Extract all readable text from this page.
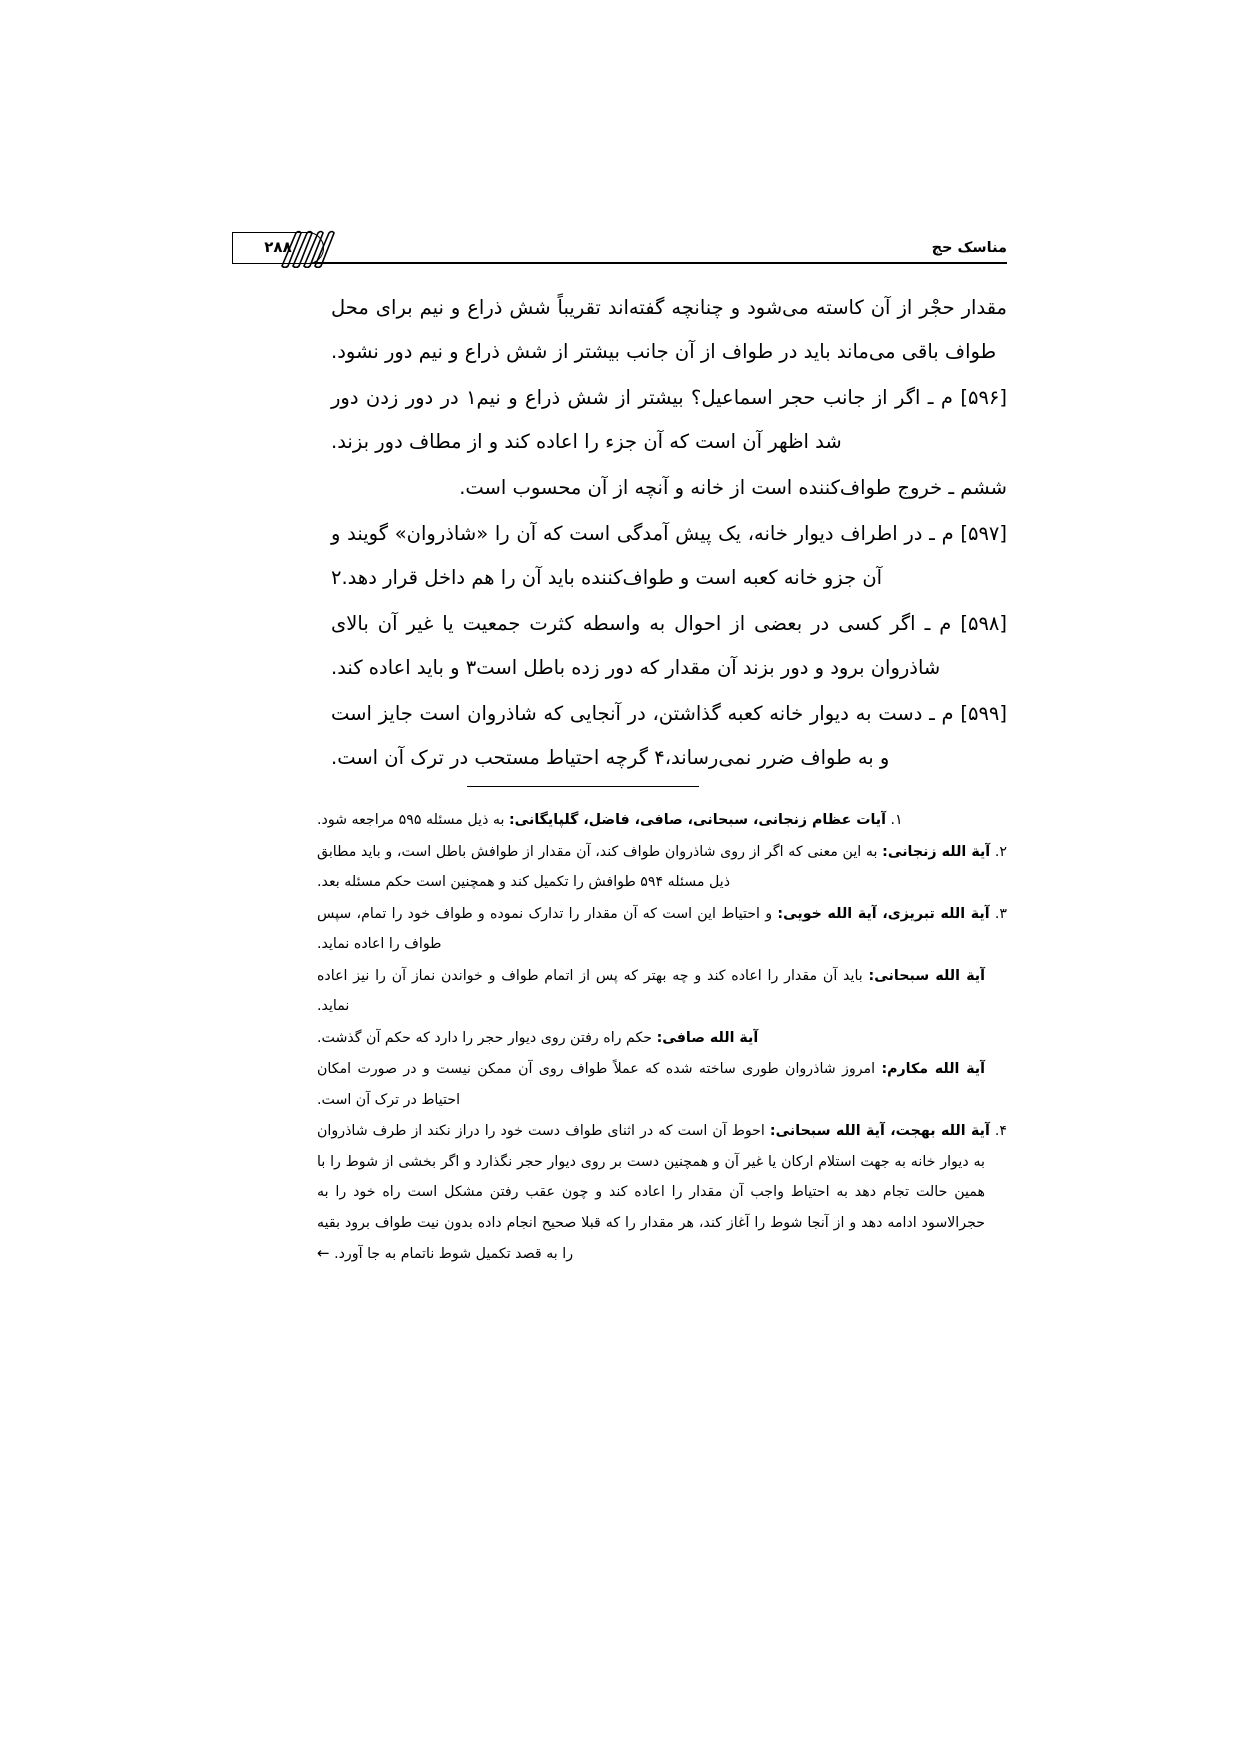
مناسک حج
۲۸۸

مقدار حجْر از آن کاسته می‌شود و چنانچه گفته‌اند تقریباً شش ذراع و نیم برای محل طواف باقی می‌ماند باید در طواف از آن جانب بیشتر از شش ذراع و نیم دور نشود.

[۵۹۶] م ـ اگر از جانب حجر اسماعیل؟ بیشتر از شش ذراع و نیم۱ در دور زدن دور شد اظهر آن است که آن جزء را اعاده کند و از مطاف دور بزند.

ششم ـ خروج طواف‌کننده است از خانه و آنچه از آن محسوب است.

[۵۹۷] م ـ در اطراف دیوار خانه، یک پیش آمدگی است که آن را «شاذروان» گویند و آن جزو خانه کعبه است و طواف‌کننده باید آن را هم داخل قرار دهد.۲

[۵۹۸] م ـ اگر کسی در بعضی از احوال به واسطه کثرت جمعیت یا غیر آن بالای شاذروان برود و دور بزند آن مقدار که دور زده باطل است۳ و باید اعاده کند.

[۵۹۹] م ـ دست به دیوار خانه کعبه گذاشتن، در آنجایی که شاذروان است جایز است و به طواف ضرر نمی‌رساند،۴ گرچه احتیاط مستحب در ترک آن است.

۱. آیات عظام زنجانی، سبحانی، صافی، فاضل، گلپایگانی: به ذیل مسئله ۵۹۵ مراجعه شود.
۲. آیة الله زنجانی: به این معنی که اگر از روی شاذروان طواف کند، آن مقدار از طوافش باطل است، و باید مطابق ذیل مسئله ۵۹۴ طوافش را تکمیل کند و همچنین است حکم مسئله بعد.
۳. آیة الله تبریزی، آیة الله خویی: و احتیاط این است که آن مقدار را تدارک نموده و طواف خود را تمام، سپس طواف را اعاده نماید.
آیة الله سبحانی: باید آن مقدار را اعاده کند و چه بهتر که پس از اتمام طواف و خواندن نماز آن را نیز اعاده نماید.
آیة الله صافی: حکم راه رفتن روی دیوار حجر را دارد که حکم آن گذشت.
آیة الله مکارم: امروز شاذروان طوری ساخته شده که عملاً طواف روی آن ممکن نیست و در صورت امکان احتیاط در ترک آن است.
۴. آیة الله بهجت، آیة الله سبحانی: احوط آن است که در اثنای طواف دست خود را دراز نکند از طرف شاذروان به دیوار خانه به جهت استلام ارکان یا غیر آن و همچنین دست بر روی دیوار حجر نگذارد و اگر بخشی از شوط را با همین حالت تجام دهد به احتیاط واجب آن مقدار را اعاده کند و چون عقب رفتن مشکل است راه خود را به حجرالاسود ادامه دهد و از آنجا شوط را آغاز کند، هر مقدار را که قبلا صحیح انجام داده بدون نیت طواف برود بقیه را به قصد تکمیل شوط ناتمام به جا آورد. ←
